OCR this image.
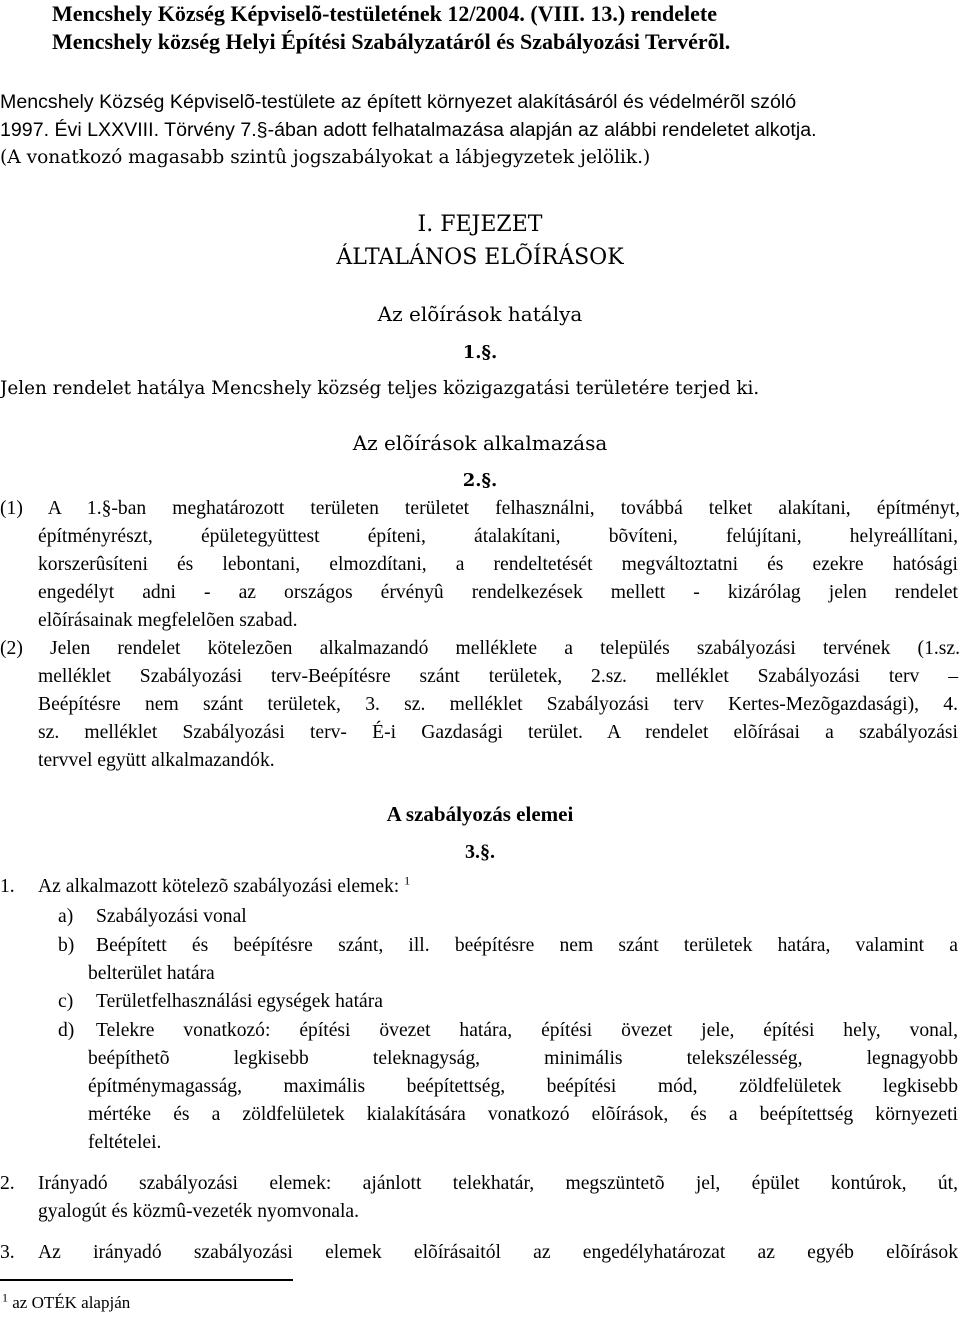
Mencshely Község Képviselõ-testületének 12/2004. (VIII. 13.) rendelete
Mencshely község Helyi Építési Szabályzatáról és Szabályozási Tervérõl.
Mencshely Község Képviselõ-testülete az épített környezet alakításáról és védelmérõl szóló
1997. Évi LXXVIII. Törvény 7.§-ában adott felhatalmazása alapján az alábbi rendeletet alkotja.
(A vonatkozó magasabb szintû jogszabályokat a lábjegyzetek jelölik.)
I. FEJEZET
ÁLTALÁNOS ELÕÍRÁSOK
Az elõírások hatálya
1.§.
Jelen rendelet hatálya Mencshely község teljes közigazgatási területére terjed ki.
Az elõírások alkalmazása
2.§.
(1) A 1.§-ban meghatározott területen területet felhasználni, továbbá telket alakítani, építményt,
építményrészt, épületegyüttest építeni, átalakítani, bõvíteni, felújítani, helyreállítani,
korszerûsíteni és lebontani, elmozdítani, a rendeltetését megváltoztatni és ezekre hatósági
engedélyt adni - az országos érvényû rendelkezések mellett - kizárólag jelen rendelet
elõírásainak megfelelõen szabad.
(2) Jelen rendelet kötelezõen alkalmazandó melléklete a település szabályozási tervének (1.sz.
melléklet Szabályozási terv-Beépítésre szánt területek, 2.sz. melléklet Szabályozási terv –
Beépítésre nem szánt területek, 3. sz. melléklet Szabályozási terv Kertes-Mezõgazdasági), 4.
sz. melléklet Szabályozási terv- É-i Gazdasági terület. A rendelet elõírásai a szabályozási
tervvel együtt alkalmazandók.
A szabályozás elemei
3.§.
1. Az alkalmazott kötelezõ szabályozási elemek: $^1$
a) Szabályozási vonal
b) Beépített és beépítésre szánt, ill. beépítésre nem szánt területek határa, valamint a
belterület határa
c) Területfelhasználási egységek határa
d) Telekre vonatkozó: építési övezet határa, építési övezet jele, építési hely, vonal,
beépíthetõ legkisebb teleknagyság, minimális telekszélesség, legnagyobb
építménymagasság, maximális beépítettség, beépítési mód, zöldfelületek legkisebb
mértéke és a zöldfelületek kialakítására vonatkozó elõírások, és a beépítettség környezeti
feltételei.
2. Irányadó szabályozási elemek: ajánlott telekhatár, megszüntetõ jel, épület kontúrok, út,
gyalogút és közmû-vezeték nyomvonala.
3. Az irányadó szabályozási elemek elõírásaitól az engedélyhatározat az egyéb elõírások
$^1$ az OTÉK alapján
